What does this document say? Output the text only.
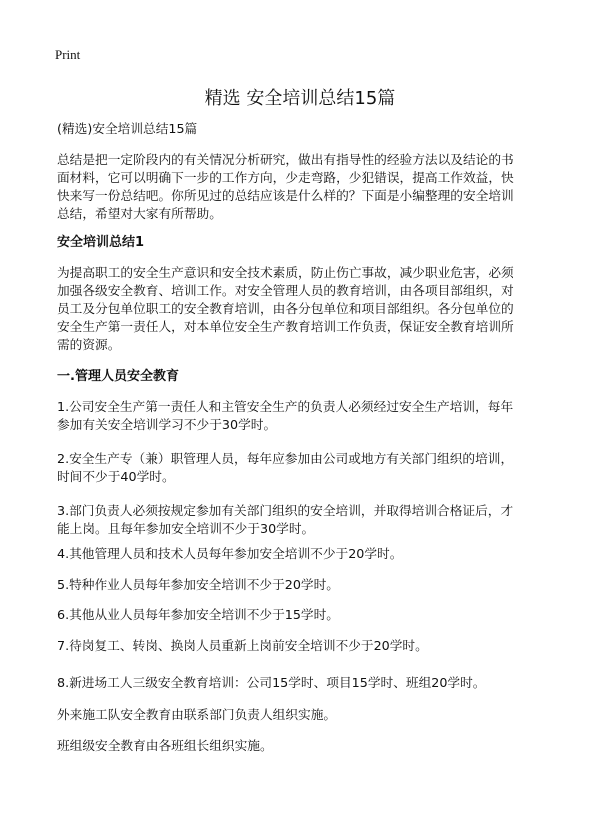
Print
精选 安全培训总结15篇
(精选)安全培训总结15篇
总结是把一定阶段内的有关情况分析研究，做出有指导性的经验方法以及结论的书
面材料，它可以明确下一步的工作方向，少走弯路，少犯错误，提高工作效益，快
快来写一份总结吧。你所见过的总结应该是什么样的？下面是小编整理的安全培训
总结，希望对大家有所帮助。
安全培训总结1
为提高职工的安全生产意识和安全技术素质，防止伤亡事故，减少职业危害，必须
加强各级安全教育、培训工作。对安全管理人员的教育培训，由各项目部组织，对
员工及分包单位职工的安全教育培训，由各分包单位和项目部组织。各分包单位的
安全生产第一责任人，对本单位安全生产教育培训工作负责，保证安全教育培训所
需的资源。
一.管理人员安全教育
1.公司安全生产第一责任人和主管安全生产的负责人必须经过安全生产培训，每年
参加有关安全培训学习不少于30学时。
2.安全生产专（兼）职管理人员，每年应参加由公司或地方有关部门组织的培训，
时间不少于40学时。
3.部门负责人必须按规定参加有关部门组织的安全培训，并取得培训合格证后，才
能上岗。且每年参加安全培训不少于30学时。
4.其他管理人员和技术人员每年参加安全培训不少于20学时。
5.特种作业人员每年参加安全培训不少于20学时。
6.其他从业人员每年参加安全培训不少于15学时。
7.待岗复工、转岗、换岗人员重新上岗前安全培训不少于20学时。
8.新进场工人三级安全教育培训：公司15学时、项目15学时、班组20学时。
外来施工队安全教育由联系部门负责人组织实施。
班组级安全教育由各班组长组织实施。
